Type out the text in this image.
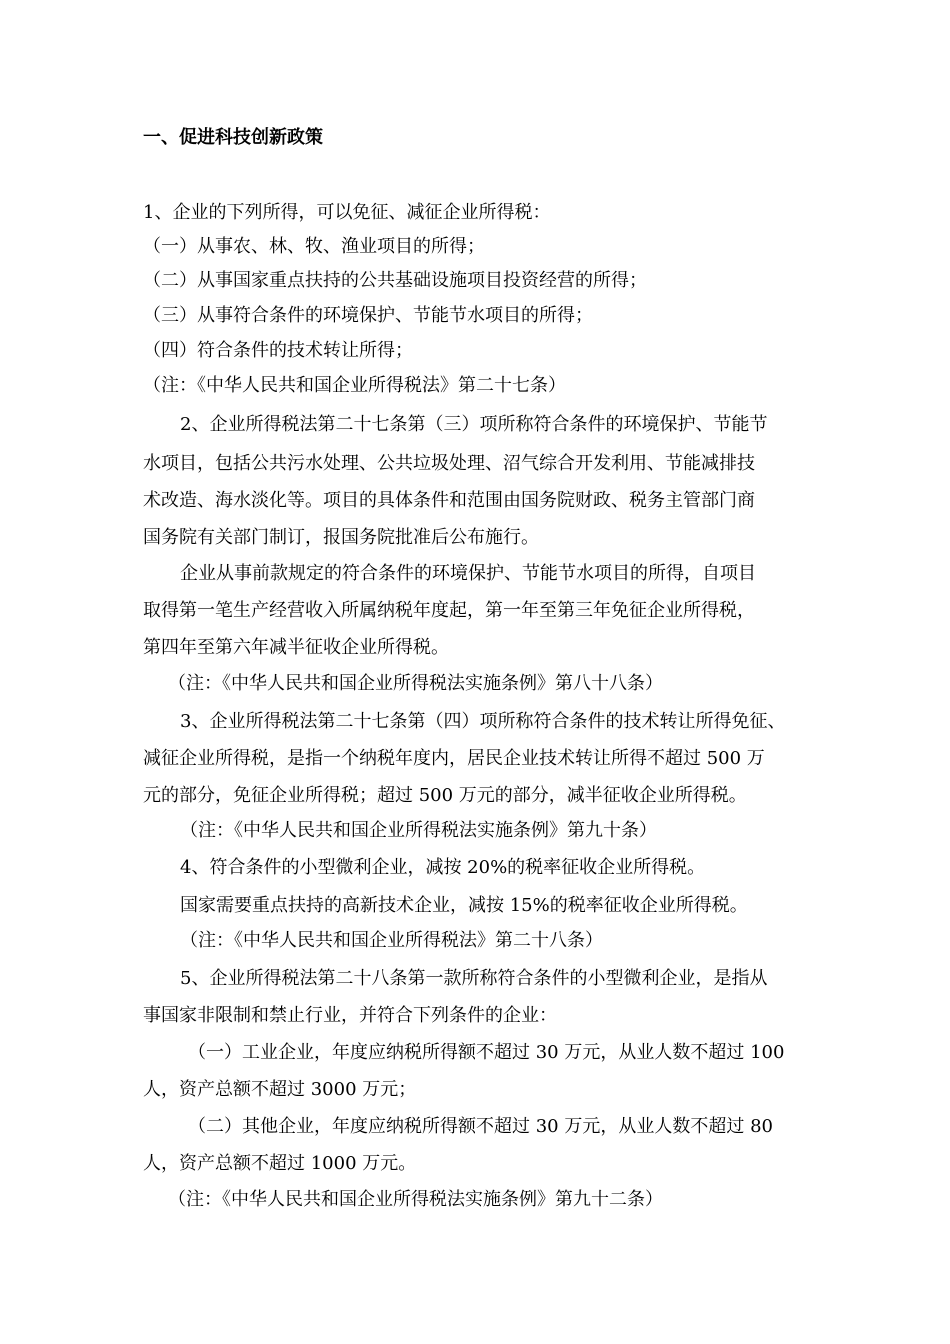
一、促进科技创新政策
1、企业的下列所得，可以免征、减征企业所得税：
（一）从事农、林、牧、渔业项目的所得；
（二）从事国家重点扶持的公共基础设施项目投资经营的所得；
（三）从事符合条件的环境保护、节能节水项目的所得；
（四）符合条件的技术转让所得；
（注：《中华人民共和国企业所得税法》第二十七条）
2、企业所得税法第二十七条第（三）项所称符合条件的环境保护、节能节
水项目，包括公共污水处理、公共垃圾处理、沼气综合开发利用、节能减排技
术改造、海水淡化等。项目的具体条件和范围由国务院财政、税务主管部门商
国务院有关部门制订，报国务院批准后公布施行。
企业从事前款规定的符合条件的环境保护、节能节水项目的所得，自项目
取得第一笔生产经营收入所属纳税年度起，第一年至第三年免征企业所得税，
第四年至第六年减半征收企业所得税。
（注：《中华人民共和国企业所得税法实施条例》第八十八条）
3、企业所得税法第二十七条第（四）项所称符合条件的技术转让所得免征、
减征企业所得税，是指一个纳税年度内，居民企业技术转让所得不超过 500 万
元的部分，免征企业所得税；超过 500 万元的部分，减半征收企业所得税。
（注：《中华人民共和国企业所得税法实施条例》第九十条）
4、符合条件的小型微利企业，减按 20%的税率征收企业所得税。
国家需要重点扶持的高新技术企业，减按 15%的税率征收企业所得税。
（注：《中华人民共和国企业所得税法》第二十八条）
5、企业所得税法第二十八条第一款所称符合条件的小型微利企业，是指从
事国家非限制和禁止行业，并符合下列条件的企业：
（一）工业企业，年度应纳税所得额不超过 30 万元，从业人数不超过 100
人，资产总额不超过 3000 万元；
（二）其他企业，年度应纳税所得额不超过 30 万元，从业人数不超过 80
人，资产总额不超过 1000 万元。
（注：《中华人民共和国企业所得税法实施条例》第九十二条）
